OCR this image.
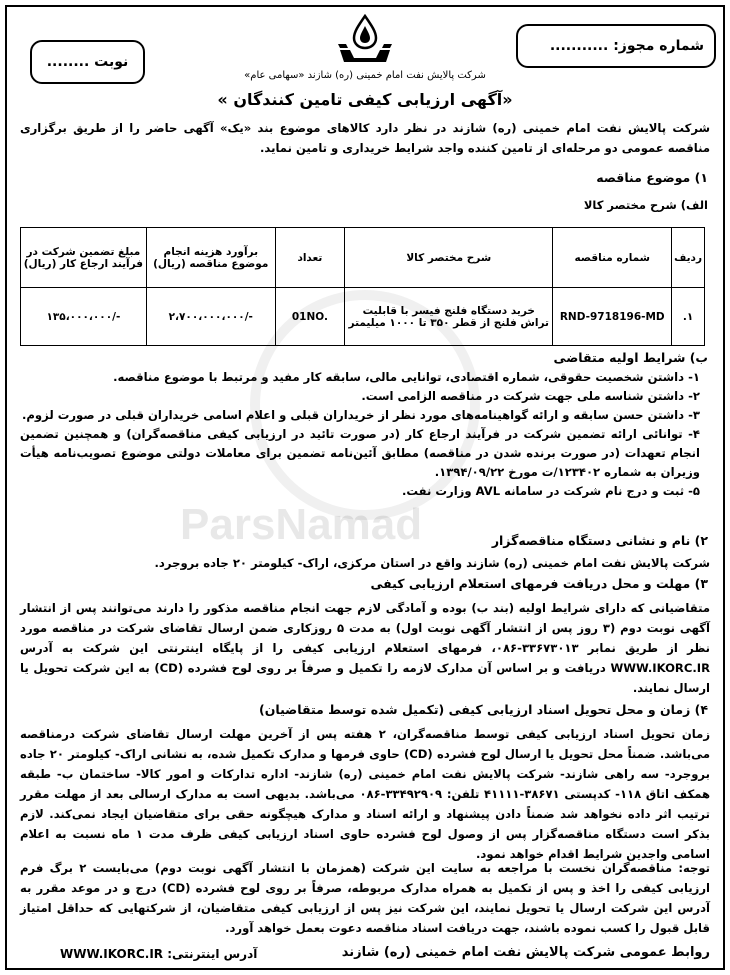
ParsNamad
شماره مجوز: ...........
نوبت ........
شرکت پالایش نفت امام خمینی (ره) شازند «سهامی عام»
«آگهی ارزیابی کیفی تامین کنندگان »
شرکت پالایش نفت امام خمینی (ره) شازند در نظر دارد کالاهای موضوع بند «یک» آگهی حاضر را از طریق برگزاری مناقصه عمومی دو مرحله‌ای از تامین کننده واجد شرایط خریداری و تامین نماید.
۱) موضوع مناقصه
الف) شرح مختصر کالا
ردیف	شماره مناقصه	شرح مختصر کالا	تعداد	برآورد هزینه انجام موضوع مناقصه (ریال)	مبلغ تضمین شرکت در فرآیند ارجاع کار (ریال)
۱.	RND-9718196-MD	خرید دستگاه فلنج فیسر با قابلیت تراش فلنج از قطر ۳۵۰ تا ۱۰۰۰ میلیمتر	01NO.	-/۲،۷۰۰،۰۰۰،۰۰۰	-/۱۳۵،۰۰۰،۰۰۰
ب) شرایط اولیه متقاضی
۱- داشتن شخصیت حقوقی، شماره اقتصادی، توانایی مالی، سابقه کار مفید و مرتبط با موضوع مناقصه.
۲- داشتن شناسه ملی جهت شرکت در مناقصه الزامی است.
۳- داشتن حسن سابقه و ارائه گواهینامه‌های مورد نظر از خریداران قبلی و اعلام اسامی خریداران قبلی در صورت لزوم.
۴- توانائی ارائه تضمین شرکت در فرآیند ارجاع کار (در صورت تائید در ارزیابی کیفی مناقصه‌گران) و همچنین تضمین انجام تعهدات (در صورت برنده شدن در مناقصه) مطابق آئین‌نامه تضمین برای معاملات دولتی موضوع تصویب‌نامه هیأت وزیران به شماره ۱۲۳۴۰۲/ت مورخ ۱۳۹۴/۰۹/۲۲.
۵- ثبت و درج نام شرکت در سامانه AVL وزارت نفت.
۲) نام و نشانی دستگاه مناقصه‌گزار
شرکت پالایش نفت امام خمینی (ره) شازند واقع در استان مرکزی، اراک- کیلومتر ۲۰ جاده بروجرد.
۳) مهلت و محل دریافت فرمهای استعلام ارزیابی کیفی
متقاضیانی که دارای شرایط اولیه (بند ب) بوده و آمادگی لازم جهت انجام مناقصه مذکور را دارند می‌توانند پس از انتشار آگهی نوبت دوم (۳ روز پس از انتشار آگهی نوبت اول) به مدت ۵ روزکاری ضمن ارسال تقاضای شرکت در مناقصه مورد نظر از طریق نمابر ۳۳۶۷۳۰۱۳-۰۸۶، فرمهای استعلام ارزیابی کیفی را از پایگاه اینترنتی این شرکت به آدرس WWW.IKORC.IR دریافت و بر اساس آن مدارک لازمه را تکمیل و صرفاً بر روی لوح فشرده (CD) به این شرکت تحویل یا ارسال نمایند.
۴) زمان و محل تحویل اسناد ارزیابی کیفی (تکمیل شده توسط متقاضیان)
زمان تحویل اسناد ارزیابی کیفی توسط مناقصه‌گران، ۲ هفته پس از آخرین مهلت ارسال تقاضای شرکت درمناقصه می‌باشد. ضمناً محل تحویل یا ارسال لوح فشرده (CD) حاوی فرمها و مدارک تکمیل شده، به نشانی اراک- کیلومتر ۲۰ جاده بروجرد- سه راهی شازند- شرکت پالایش نفت امام خمینی (ره) شازند- اداره تدارکات و امور کالا- ساختمان ب- طبقه همکف اتاق ۱۱۸- کدپستی ۳۸۶۷۱-۴۱۱۱۱ تلفن: ۳۳۴۹۲۹۰۹-۰۸۶ می‌باشد. بدیهی است به مدارک ارسالی بعد از مهلت مقرر ترتیب اثر داده نخواهد شد ضمناً دادن پیشنهاد و ارائه اسناد و مدارک هیچگونه حقی برای متقاضیان ایجاد نمی‌کند. لازم بذکر است دستگاه مناقصه‌گزار پس از وصول لوح فشرده حاوی اسناد ارزیابی کیفی ظرف مدت ۱ ماه نسبت به اعلام اسامی واجدین شرایط اقدام خواهد نمود.
توجه: مناقصه‌گران نخست با مراجعه به سایت این شرکت (همزمان با انتشار آگهی نوبت دوم) می‌بایست ۲ برگ فرم ارزیابی کیفی را اخذ و پس از تکمیل به همراه مدارک مربوطه، صرفاً بر روی لوح فشرده (CD) درج و در موعد مقرر به آدرس این شرکت ارسال یا تحویل نمایند، این شرکت نیز پس از ارزیابی کیفی متقاضیان، از شرکتهایی که حداقل امتیاز قابل قبول را کسب نموده باشند، جهت دریافت اسناد مناقصه دعوت بعمل خواهد آورد.
روابط عمومی شرکت پالایش نفت امام خمینی (ره) شازند
آدرس اینترنتی: WWW.IKORC.IR
